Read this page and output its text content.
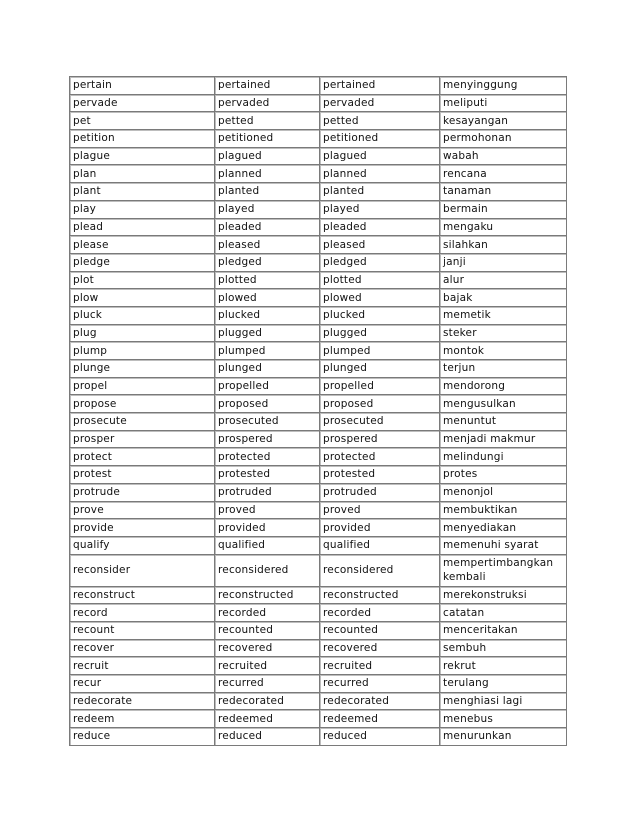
pertain	pertained	pertained	menyinggung
pervade	pervaded	pervaded	meliputi
pet	petted	petted	kesayangan
petition	petitioned	petitioned	permohonan
plague	plagued	plagued	wabah
plan	planned	planned	rencana
plant	planted	planted	tanaman
play	played	played	bermain
plead	pleaded	pleaded	mengaku
please	pleased	pleased	silahkan
pledge	pledged	pledged	janji
plot	plotted	plotted	alur
plow	plowed	plowed	bajak
pluck	plucked	plucked	memetik
plug	plugged	plugged	steker
plump	plumped	plumped	montok
plunge	plunged	plunged	terjun
propel	propelled	propelled	mendorong
propose	proposed	proposed	mengusulkan
prosecute	prosecuted	prosecuted	menuntut
prosper	prospered	prospered	menjadi makmur
protect	protected	protected	melindungi
protest	protested	protested	protes
protrude	protruded	protruded	menonjol
prove	proved	proved	membuktikan
provide	provided	provided	menyediakan
qualify	qualified	qualified	memenuhi syarat
reconsider	reconsidered	reconsidered	mempertimbangkan kembali
reconstruct	reconstructed	reconstructed	merekonstruksi
record	recorded	recorded	catatan
recount	recounted	recounted	menceritakan
recover	recovered	recovered	sembuh
recruit	recruited	recruited	rekrut
recur	recurred	recurred	terulang
redecorate	redecorated	redecorated	menghiasi lagi
redeem	redeemed	redeemed	menebus
reduce	reduced	reduced	menurunkan
